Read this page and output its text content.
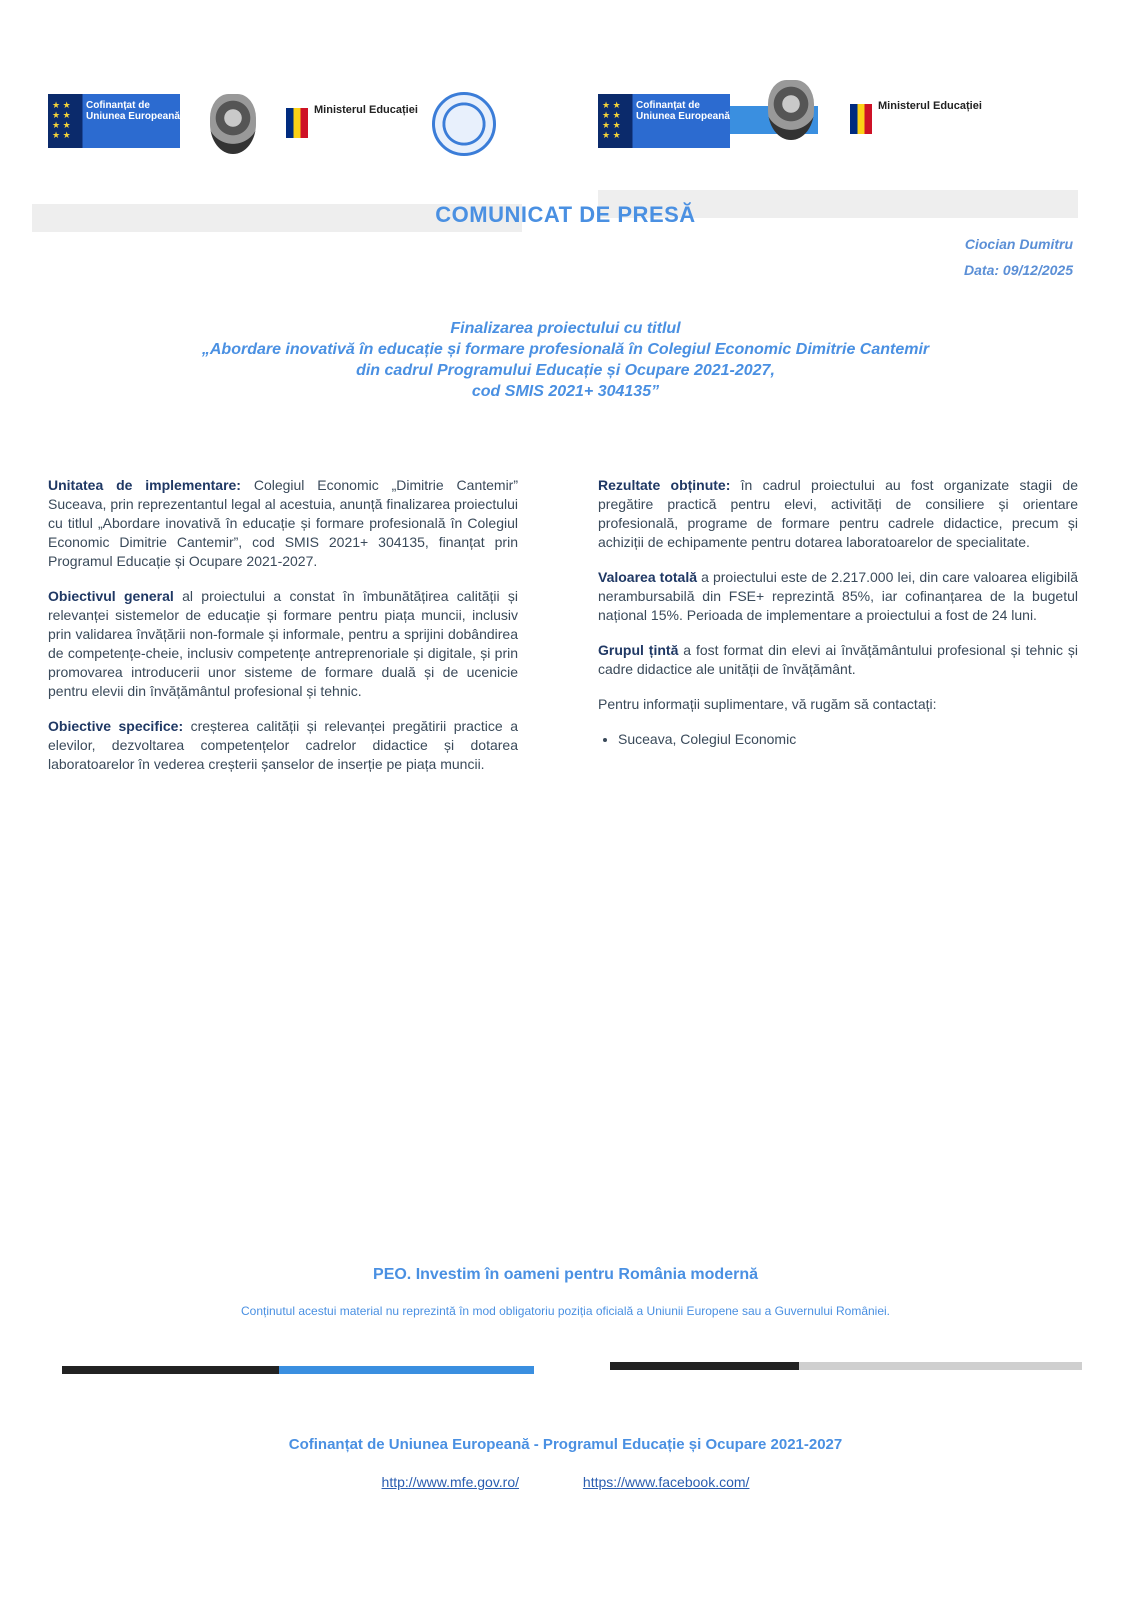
★ ★
★ ★
★ ★
★ ★
Cofinanțat de Uniunea Europeană
Ministerul Educației	★ ★
★ ★
★ ★
★ ★
Cofinanțat de Uniunea Europeană
Ministerul Educației
COMUNICAT DE PRESĂ
Ciocian Dumitru
Data: 09/12/2025
Finalizarea proiectului cu titlul
„Abordare inovativă în educație și formare profesională în Colegiul Economic Dimitrie Cantemir
din cadrul Programului Educație și Ocupare 2021-2027,
cod SMIS 2021+ 304135”

Unitatea de implementare: Colegiul Economic „Dimitrie Cantemir” Suceava, prin reprezentantul legal al acestuia, anunță finalizarea proiectului cu titlul „Abordare inovativă în educație și formare profesională în Colegiul Economic Dimitrie Cantemir”, cod SMIS 2021+ 304135, finanțat prin Programul Educație și Ocupare 2021-2027.

Obiectivul general al proiectului a constat în îmbunătățirea calității și relevanței sistemelor de educație și formare pentru piața muncii, inclusiv prin validarea învățării non-formale și informale, pentru a sprijini dobândirea de competențe-cheie, inclusiv competențe antreprenoriale și digitale, și prin promovarea introducerii unor sisteme de formare duală și de ucenicie pentru elevii din învățământul profesional și tehnic.

Obiective specifice: creșterea calității și relevanței pregătirii practice a elevilor, dezvoltarea competențelor cadrelor didactice și dotarea laboratoarelor în vederea creșterii șanselor de inserție pe piața muncii.

Rezultate obținute: în cadrul proiectului au fost organizate stagii de pregătire practică pentru elevi, activități de consiliere și orientare profesională, programe de formare pentru cadrele didactice, precum și achiziții de echipamente pentru dotarea laboratoarelor de specialitate.

Valoarea totală a proiectului este de 2.217.000 lei, din care valoarea eligibilă nerambursabilă din FSE+ reprezintă 85%, iar cofinanțarea de la bugetul național 15%. Perioada de implementare a proiectului a fost de 24 luni.

Grupul țintă a fost format din elevi ai învățământului profesional și tehnic și cadre didactice ale unității de învățământ.

Pentru informații suplimentare, vă rugăm să contactați:

• Suceava, Colegiul Economic
PEO. Investim în oameni pentru România modernă
Conținutul acestui material nu reprezintă în mod obligatoriu poziția oficială a Uniunii Europene sau a Guvernului României.
Cofinanțat de Uniunea Europeană - Programul Educație și Ocupare 2021-2027
http://www.mfe.gov.ro/	https://www.facebook.com/
